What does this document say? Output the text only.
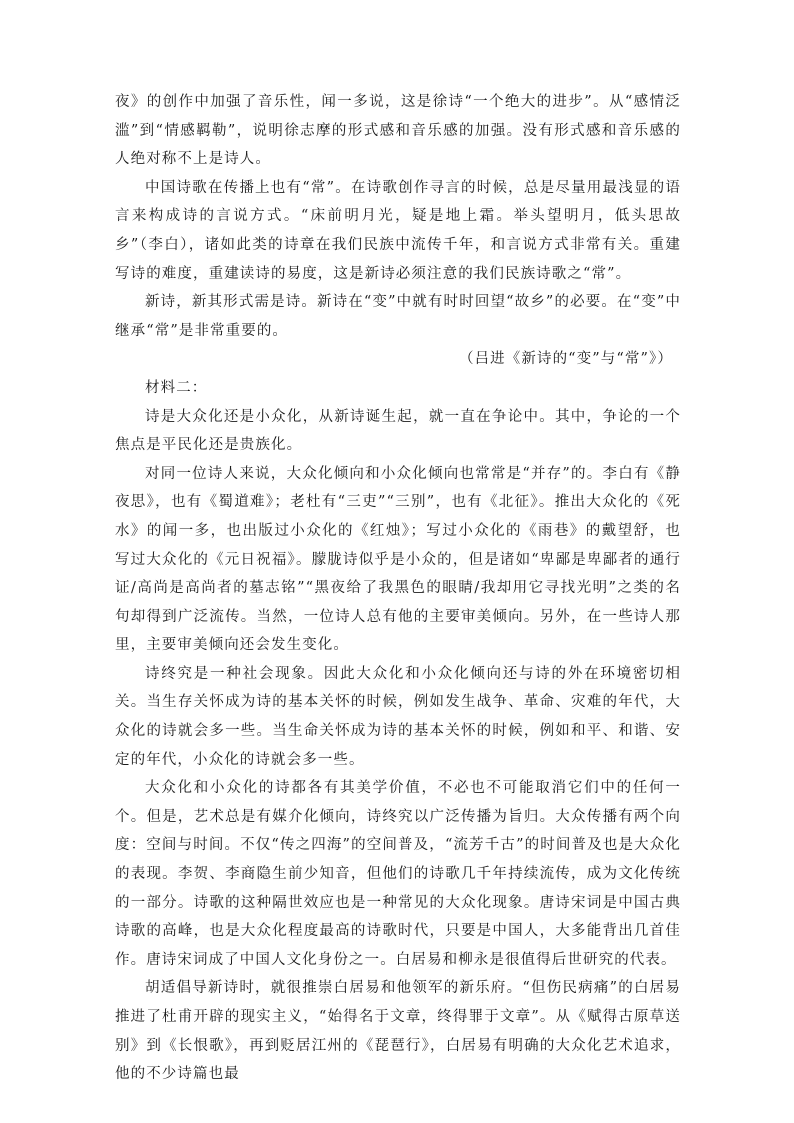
夜》的创作中加强了音乐性，闻一多说，这是徐诗“一个绝大的进步”。从“感情泛滥”到“情感羁勒”，说明徐志摩的形式感和音乐感的加强。没有形式感和音乐感的人绝对称不上是诗人。

中国诗歌在传播上也有“常”。在诗歌创作寻言的时候，总是尽量用最浅显的语言来构成诗的言说方式。“床前明月光，疑是地上霜。举头望明月，低头思故乡”（李白），诸如此类的诗章在我们民族中流传千年，和言说方式非常有关。重建写诗的难度，重建读诗的易度，这是新诗必须注意的我们民族诗歌之“常”。

新诗，新其形式需是诗。新诗在“变”中就有时时回望“故乡”的必要。在“变”中继承“常”是非常重要的。

（吕进《新诗的“变”与“常”》）

材料二：

诗是大众化还是小众化，从新诗诞生起，就一直在争论中。其中，争论的一个焦点是平民化还是贵族化。

对同一位诗人来说，大众化倾向和小众化倾向也常常是“并存”的。李白有《静夜思》，也有《蜀道难》；老杜有“三吏”“三别”，也有《北征》。推出大众化的《死水》的闻一多，也出版过小众化的《红烛》；写过小众化的《雨巷》的戴望舒，也写过大众化的《元日祝福》。朦胧诗似乎是小众的，但是诸如“卑鄙是卑鄙者的通行证/高尚是高尚者的墓志铭”“黑夜给了我黑色的眼睛/我却用它寻找光明”之类的名句却得到广泛流传。当然，一位诗人总有他的主要审美倾向。另外，在一些诗人那里，主要审美倾向还会发生变化。

诗终究是一种社会现象。因此大众化和小众化倾向还与诗的外在环境密切相关。当生存关怀成为诗的基本关怀的时候，例如发生战争、革命、灾难的年代，大众化的诗就会多一些。当生命关怀成为诗的基本关怀的时候，例如和平、和谐、安定的年代，小众化的诗就会多一些。

大众化和小众化的诗都各有其美学价值，不必也不可能取消它们中的任何一个。但是，艺术总是有媒介化倾向，诗终究以广泛传播为旨归。大众传播有两个向度：空间与时间。不仅“传之四海”的空间普及，“流芳千古”的时间普及也是大众化的表现。李贺、李商隐生前少知音，但他们的诗歌几千年持续流传，成为文化传统的一部分。诗歌的这种隔世效应也是一种常见的大众化现象。唐诗宋词是中国古典诗歌的高峰，也是大众化程度最高的诗歌时代，只要是中国人，大多能背出几首佳作。唐诗宋词成了中国人文化身份之一。白居易和柳永是很值得后世研究的代表。

胡适倡导新诗时，就很推崇白居易和他领军的新乐府。“但伤民病痛”的白居易推进了杜甫开辟的现实主义，“始得名于文章，终得罪于文章”。从《赋得古原草送别》到《长恨歌》，再到贬居江州的《琵琶行》，白居易有明确的大众化艺术追求，他的不少诗篇也最
